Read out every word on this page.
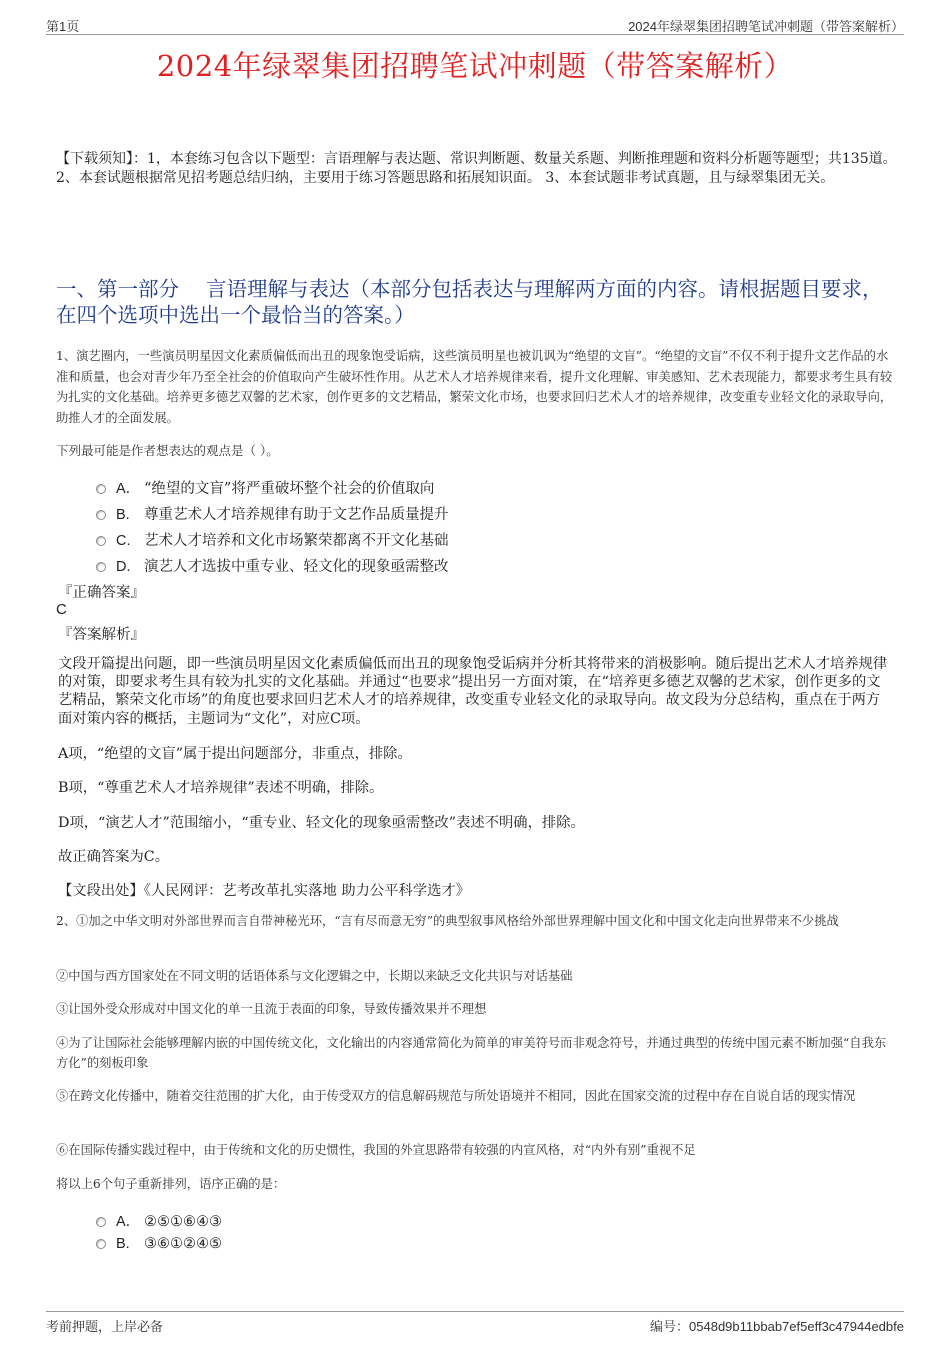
第1页	2024年绿翠集团招聘笔试冲刺题（带答案解析）
2024年绿翠集团招聘笔试冲刺题（带答案解析）
【下载须知】：1，本套练习包含以下题型：言语理解与表达题、常识判断题、数量关系题、判断推理题和资料分析题等题型；共135道。 2、本套试题根据常见招考题总结归纳，主要用于练习答题思路和拓展知识面。 3、本套试题非考试真题，且与绿翠集团无关。
一、第一部分　 言语理解与表达（本部分包括表达与理解两方面的内容。请根据题目要求，在四个选项中选出一个最恰当的答案。）
1、演艺圈内，一些演员明星因文化素质偏低而出丑的现象饱受诟病，这些演员明星也被讥讽为“绝望的文盲”。“绝望的文盲”不仅不利于提升文艺作品的水准和质量，也会对青少年乃至全社会的价值取向产生破坏性作用。从艺术人才培养规律来看，提升文化理解、审美感知、艺术表现能力，都要求考生具有较为扎实的文化基础。培养更多德艺双馨的艺术家，创作更多的文艺精品，繁荣文化市场，也要求回归艺术人才的培养规律，改变重专业轻文化的录取导向，助推人才的全面发展。
下列最可能是作者想表达的观点是（ ）。
A． “绝望的文盲”将严重破坏整个社会的价值取向
B. 尊重艺术人才培养规律有助于文艺作品质量提升
C. 艺术人才培养和文化市场繁荣都离不开文化基础
D. 演艺人才选拔中重专业、轻文化的现象亟需整改
『正确答案』
C
『答案解析』
文段开篇提出问题，即一些演员明星因文化素质偏低而出丑的现象饱受诟病并分析其将带来的消极影响。随后提出艺术人才培养规律的对策，即要求考生具有较为扎实的文化基础。并通过“也要求”提出另一方面对策，在“培养更多德艺双馨的艺术家，创作更多的文艺精品，繁荣文化市场”的角度也要求回归艺术人才的培养规律，改变重专业轻文化的录取导向。故文段为分总结构，重点在于两方面对策内容的概括，主题词为“文化”，对应C项。
A项，“绝望的文盲”属于提出问题部分，非重点，排除。
B项，“尊重艺术人才培养规律”表述不明确，排除。
D项，“演艺人才”范围缩小，“重专业、轻文化的现象亟需整改”表述不明确，排除。
故正确答案为C。
【文段出处】《人民网评：艺考改革扎实落地 助力公平科学选才》
2、①加之中华文明对外部世界而言自带神秘光环，“言有尽而意无穷”的典型叙事风格给外部世界理解中国文化和中国文化走向世界带来不少挑战
②中国与西方国家处在不同文明的话语体系与文化逻辑之中，长期以来缺乏文化共识与对话基础
③让国外受众形成对中国文化的单一且流于表面的印象，导致传播效果并不理想
④为了让国际社会能够理解内嵌的中国传统文化，文化输出的内容通常简化为简单的审美符号而非观念符号，并通过典型的传统中国元素不断加强“自我东方化”的刻板印象
⑤在跨文化传播中，随着交往范围的扩大化，由于传受双方的信息解码规范与所处语境并不相同，因此在国家交流的过程中存在自说自话的现实情况
⑥在国际传播实践过程中，由于传统和文化的历史惯性，我国的外宣思路带有较强的内宣风格，对“内外有别”重视不足
将以上6个句子重新排列，语序正确的是：
A． ②⑤①⑥④③
B. ③⑥①②④⑤
考前押题，上岸必备	编号：0548d9b11bbab7ef5eff3c47944edbfe
